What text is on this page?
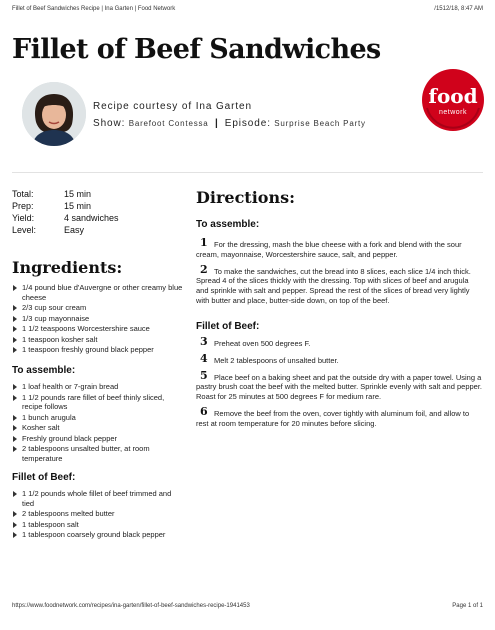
Fillet of Beef Sandwiches Recipe | Ina Garten | Food Network	/1512/18, 8:47 AM
Fillet of Beef Sandwiches
Recipe courtesy of Ina Garten
Show: Barefoot Contessa | Episode: Surprise Beach Party
food
network
Total:	15 min
Prep:	15 min
Yield:	4 sandwiches
Level:	Easy
Ingredients:
1/4 pound blue d'Auvergne or other creamy blue cheese
2/3 cup sour cream
1/3 cup mayonnaise
1 1/2 teaspoons Worcestershire sauce
1 teaspoon kosher salt
1 teaspoon freshly ground black pepper
To assemble:
1 loaf health or 7-grain bread
1 1/2 pounds rare fillet of beef thinly sliced, recipe follows
1 bunch arugula
Kosher salt
Freshly ground black pepper
2 tablespoons unsalted butter, at room temperature
Fillet of Beef:
1 1/2 pounds whole fillet of beef trimmed and tied
2 tablespoons melted butter
1 tablespoon salt
1 tablespoon coarsely ground black pepper
Directions:
To assemble:
1 For the dressing, mash the blue cheese with a fork and blend with the sour cream, mayonnaise, Worcestershire sauce, salt, and pepper.
2 To make the sandwiches, cut the bread into 8 slices, each slice 1/4 inch thick. Spread 4 of the slices thickly with the dressing. Top with slices of beef and arugula and sprinkle with salt and pepper. Spread the rest of the slices of bread very lightly with butter and place, butter-side down, on top of the beef.
Fillet of Beef:
3 Preheat oven 500 degrees F.
4 Melt 2 tablespoons of unsalted butter.
5 Place beef on a baking sheet and pat the outside dry with a paper towel. Using a pastry brush coat the beef with the melted butter. Sprinkle evenly with salt and pepper. Roast for 25 minutes at 500 degrees F for medium rare.
6 Remove the beef from the oven, cover tightly with aluminum foil, and allow to rest at room temperature for 20 minutes before slicing.
https://www.foodnetwork.com/recipes/ina-garten/fillet-of-beef-sandwiches-recipe-1941453	Page 1 of 1
